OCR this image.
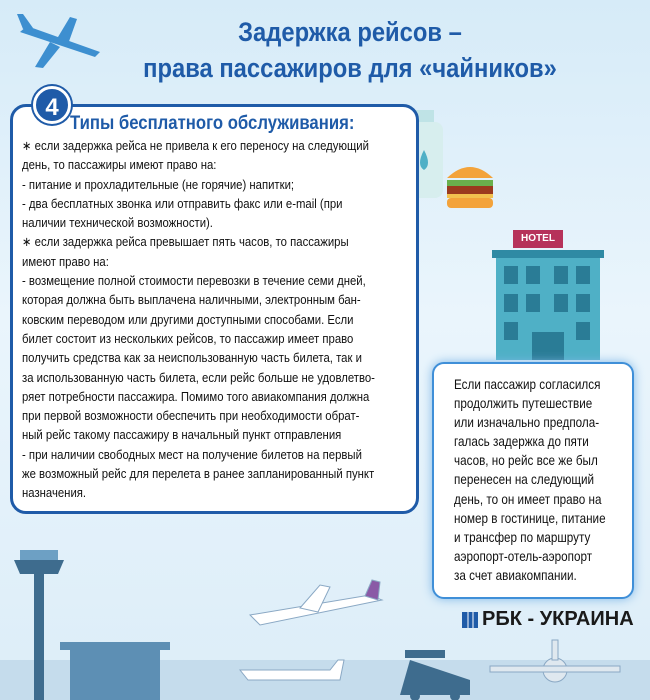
Задержка рейсов –
права пассажиров для «чайников»
HOTEL
4
Типы бесплатного обслуживания:
∗ если задержка рейса не привела к его переносу на следующий
день, то пассажиры имеют право на:
- питание и прохладительные (не горячие) напитки;
- два бесплатных звонка или отправить факс или e-mail (при
наличии технической возможности).
∗ если задержка рейса превышает пять часов, то пассажиры
имеют право на:
- возмещение полной стоимости перевозки в течение семи дней,
которая должна быть выплачена наличными, электронным бан-
ковским переводом или другими доступными способами. Если
билет состоит из нескольких рейсов, то пассажир имеет право
получить средства как за неиспользованную часть билета, так и
за использованную часть билета, если рейс больше не удовлетво-
ряет потребности пассажира. Помимо того авиакомпания должна
при первой возможности обеспечить при необходимости обрат-
ный рейс такому пассажиру в начальный пункт отправления
- при наличии свободных мест на получение билетов на первый
же возможный рейс для перелета в ранее запланированный пункт
назначения.
Если пассажир согласился
продолжить путешествие
или изначально предпола-
галась задержка до пяти
часов, но рейс все же был
перенесен на следующий
день, то он имеет право на
номер в гостинице, питание
и трансфер по маршруту
аэропорт-отель-аэропорт
за счет авиакомпании.
РБК - УКРАИНА
